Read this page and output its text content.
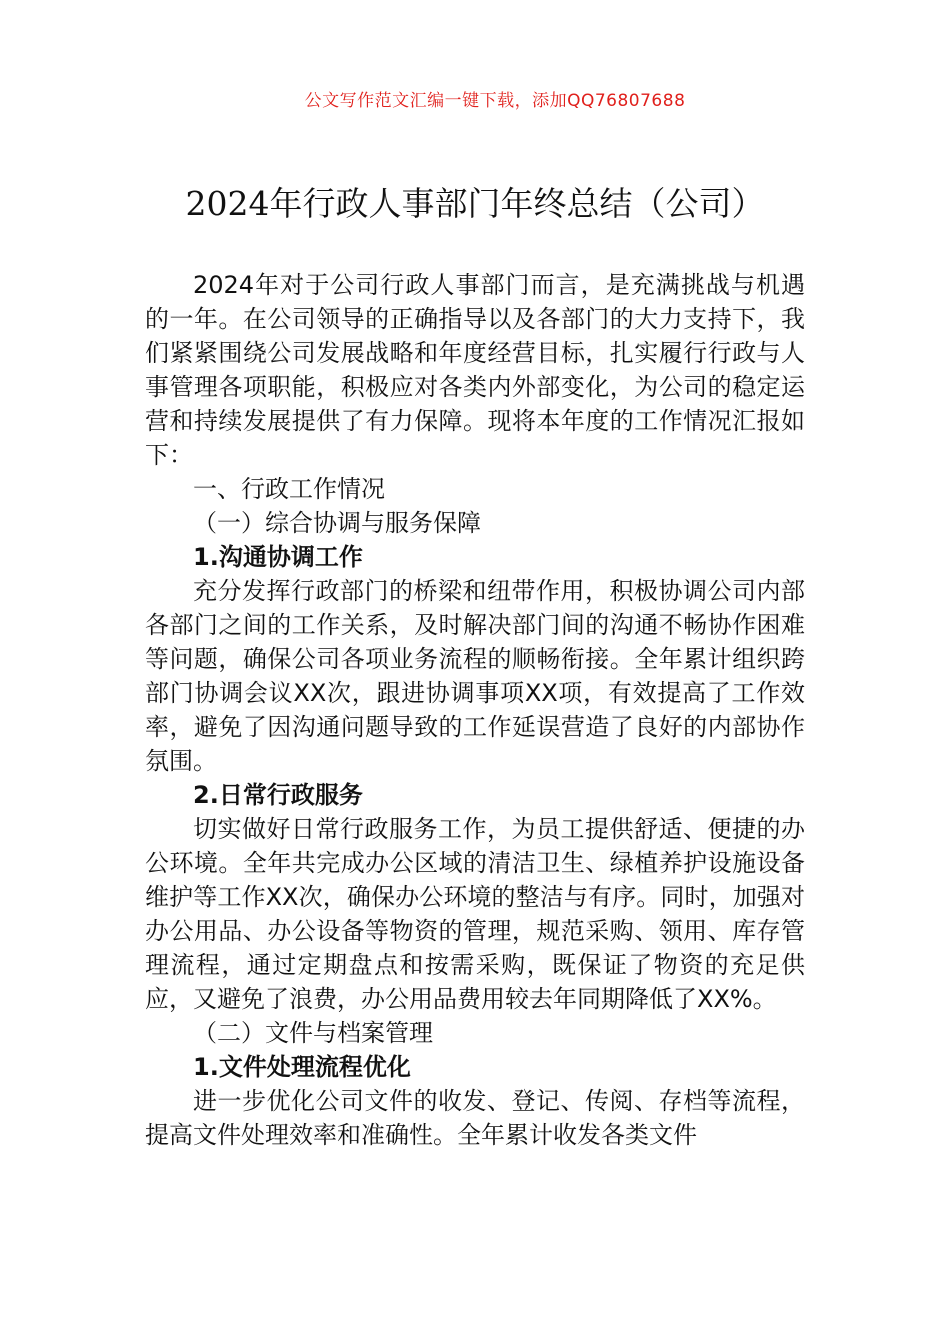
公文写作范文汇编一键下载，添加QQ76807688
2024年行政人事部门年终总结（公司）

2024年对于公司行政人事部门而言，是充满挑战与机遇的一年。在公司领导的正确指导以及各部门的大力支持下，我们紧紧围绕公司发展战略和年度经营目标，扎实履行行政与人事管理各项职能，积极应对各类内外部变化，为公司的稳定运营和持续发展提供了有力保障。现将本年度的工作情况汇报如下：

一、行政工作情况
（一）综合协调与服务保障
1.沟通协调工作

充分发挥行政部门的桥梁和纽带作用，积极协调公司内部各部门之间的工作关系，及时解决部门间的沟通不畅协作困难等问题，确保公司各项业务流程的顺畅衔接。全年累计组织跨部门协调会议XX次，跟进协调事项XX项，有效提高了工作效率，避免了因沟通问题导致的工作延误营造了良好的内部协作氛围。

2.日常行政服务

切实做好日常行政服务工作，为员工提供舒适、便捷的办公环境。全年共完成办公区域的清洁卫生、绿植养护设施设备维护等工作XX次，确保办公环境的整洁与有序。同时，加强对办公用品、办公设备等物资的管理，规范采购、领用、库存管理流程，通过定期盘点和按需采购，既保证了物资的充足供应，又避免了浪费，办公用品费用较去年同期降低了XX%。

（二）文件与档案管理
1.文件处理流程优化

进一步优化公司文件的收发、登记、传阅、存档等流程，提高文件处理效率和准确性。全年累计收发各类文件
